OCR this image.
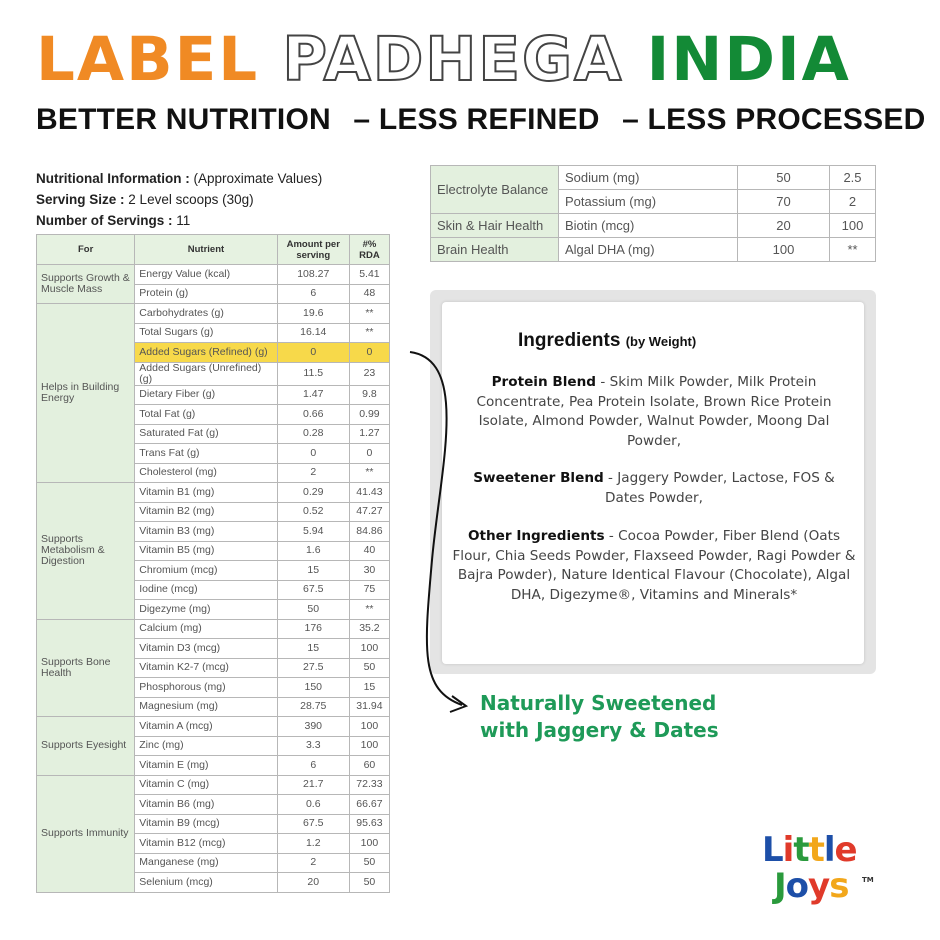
LABEL PADHEGA INDIA
BETTER NUTRITION – LESS REFINED – LESS PROCESSED
Nutritional Information : (Approximate Values)
Serving Size : 2 Level scoops (30g)
Number of Servings : 11
For	Nutrient	Amount per serving	#% RDA
Supports Growth & Muscle Mass	Energy Value (kcal)	108.27	5.41
	Protein (g)	6	48
Helps in Building Energy	Carbohydrates (g)	19.6	**
	Total Sugars (g)	16.14	**
	Added Sugars (Refined) (g)	0	0
	Added Sugars (Unrefined) (g)	11.5	23
	Dietary Fiber (g)	1.47	9.8
	Total Fat (g)	0.66	0.99
	Saturated Fat (g)	0.28	1.27
	Trans Fat (g)	0	0
	Cholesterol (mg)	2	**
Supports Metabolism & Digestion	Vitamin B1 (mg)	0.29	41.43
	Vitamin B2 (mg)	0.52	47.27
	Vitamin B3 (mg)	5.94	84.86
	Vitamin B5 (mg)	1.6	40
	Chromium (mcg)	15	30
	Iodine (mcg)	67.5	75
	Digezyme (mg)	50	**
Supports Bone Health	Calcium (mg)	176	35.2
	Vitamin D3 (mcg)	15	100
	Vitamin K2-7 (mcg)	27.5	50
	Phosphorous (mg)	150	15
	Magnesium (mg)	28.75	31.94
Supports Eyesight	Vitamin A (mcg)	390	100
	Zinc (mg)	3.3	100
	Vitamin E (mg)	6	60
Supports Immunity	Vitamin C (mg)	21.7	72.33
	Vitamin B6 (mg)	0.6	66.67
	Vitamin B9 (mcg)	67.5	95.63
	Vitamin B12 (mcg)	1.2	100
	Manganese (mg)	2	50
	Selenium (mcg)	20	50
Electrolyte Balance	Sodium (mg)	50	2.5
	Potassium (mg)	70	2
Skin & Hair Health	Biotin (mcg)	20	100
Brain Health	Algal DHA (mg)	100	**
Ingredients (by Weight)
Protein Blend - Skim Milk Powder, Milk Protein Concentrate, Pea Protein Isolate, Brown Rice Protein Isolate, Almond Powder, Walnut Powder, Moong Dal Powder,
Sweetener Blend - Jaggery Powder, Lactose, FOS & Dates Powder,
Other Ingredients - Cocoa Powder, Fiber Blend (Oats Flour, Chia Seeds Powder, Flaxseed Powder, Ragi Powder & Bajra Powder), Nature Identical Flavour (Chocolate), Algal DHA, Digezyme®, Vitamins and Minerals*
Naturally Sweetened
with Jaggery & Dates
Little
Joys TM
